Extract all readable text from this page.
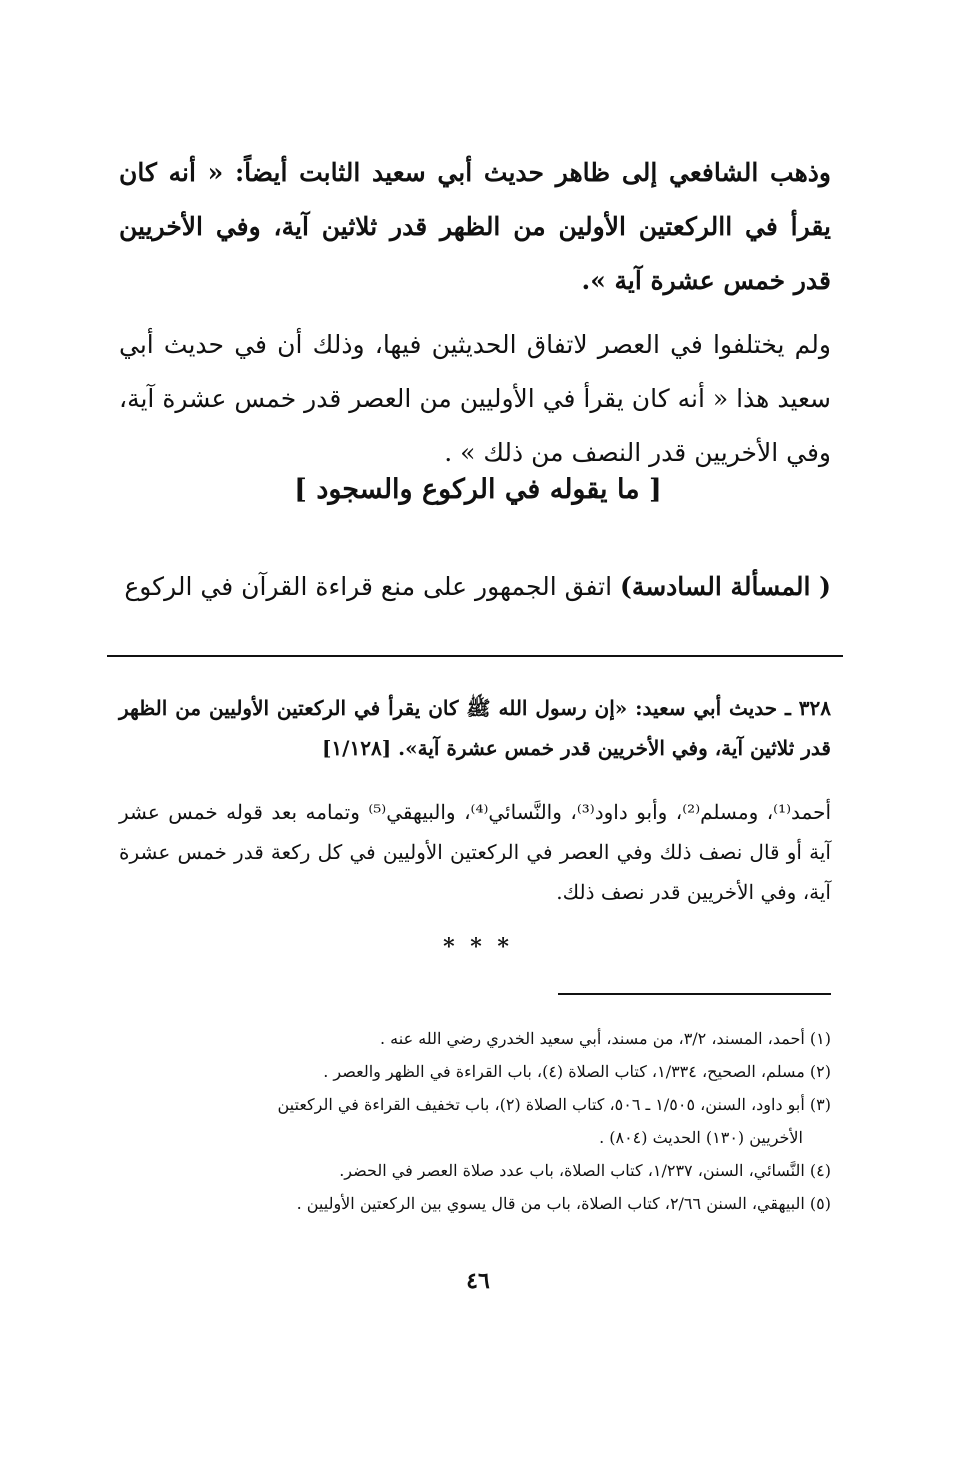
وذهب الشافعي إلى ظاهر حديث أبي سعيد الثابت أيضاً: « أنه كان يقرأ في االركعتين الأولين من الظهر قدر ثلاثين آية، وفي الأخريين قدر خمس عشرة آية ».

ولم يختلفوا في العصر لاتفاق الحديثين فيها، وذلك أن في حديث أبي سعيد هذا « أنه كان يقرأ في الأوليين من العصر قدر خمس عشرة آية، وفي الأخريين قدر النصف من ذلك » .

[ ما يقوله في الركوع والسجود ]

( المسألة السادسة) اتفق الجمهور على منع قراءة القرآن في الركوع

٣٢٨ ـ حديث أبي سعيد: «إن رسول الله ﷺ كان يقرأ في الركعتين الأوليين من الظهر قدر ثلاثين آية، وفي الأخريين قدر خمس عشرة آية». [١/١٢٨]

أحمد⁽¹⁾، ومسلم⁽²⁾، وأبو داود⁽³⁾، والنَّسائي⁽⁴⁾، والبيهقي⁽⁵⁾ وتمامه بعد قوله خمس عشر آية أو قال نصف ذلك وفي العصر في الركعتين الأوليين في كل ركعة قدر خمس عشرة آية، وفي الأخريين قدر نصف ذلك.

* * *

(١) أحمد، المسند، ٣/٢، من مسند، أبي سعيد الخدري رضي الله عنه .
(٢) مسلم، الصحيح، ١/٣٣٤، كتاب الصلاة (٤)، باب القراءة في الظهر والعصر .
(٣) أبو داود، السنن، ١/٥٠٥ ـ ٥٠٦، كتاب الصلاة (٢)، باب تخفيف القراءة في الركعتين
الأخريين (١٣٠) الحديث (٨٠٤) .
(٤) النَّسائي، السنن، ١/٢٣٧، كتاب الصلاة، باب عدد صلاة العصر في الحضر.
(٥) البيهقي، السنن ٢/٦٦، كتاب الصلاة، باب من قال يسوي بين الركعتين الأوليين .

٤٦
